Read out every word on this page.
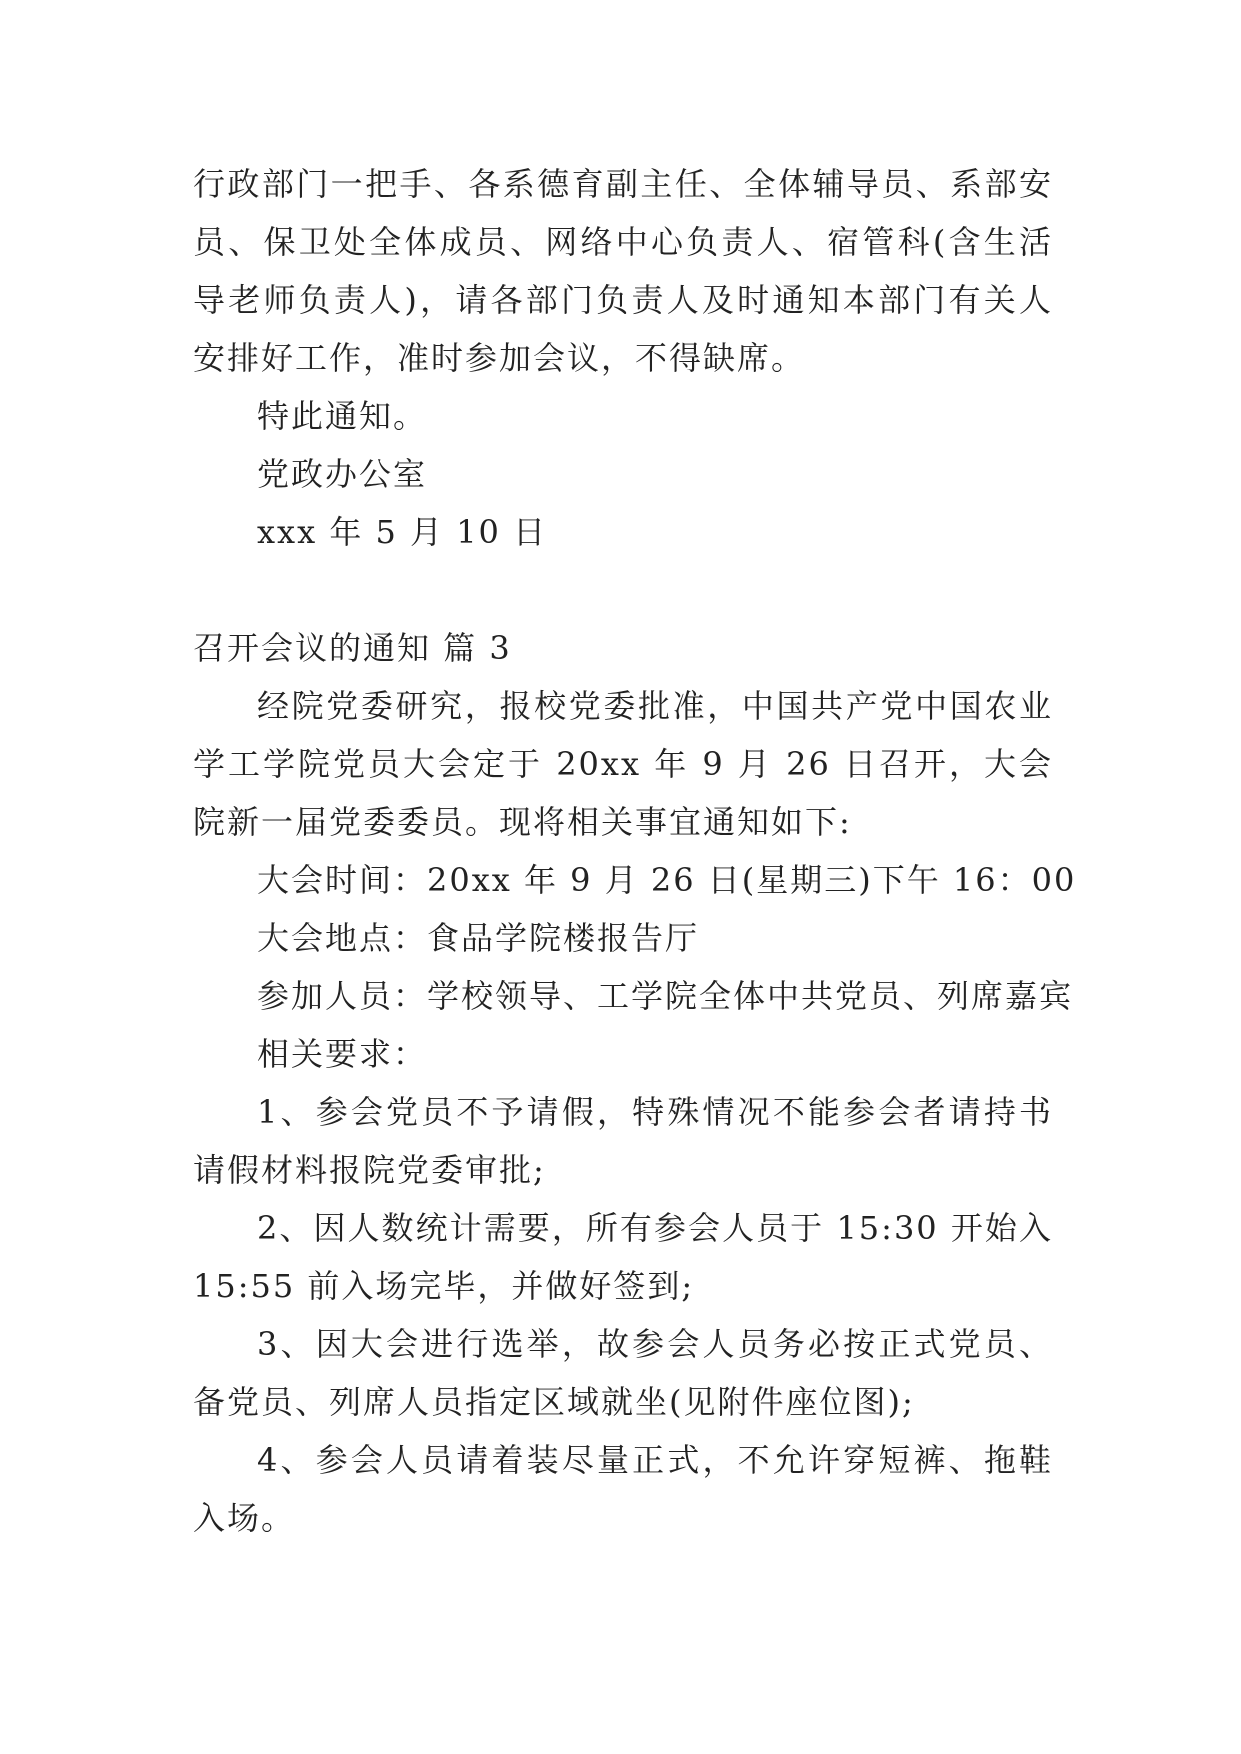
行政部门一把手、各系德育副主任、全体辅导员、系部安
员、保卫处全体成员、网络中心负责人、宿管科(含生活
导老师负责人)，请各部门负责人及时通知本部门有关人
安排好工作，准时参加会议，不得缺席。
特此通知。
党政办公室
xxx 年 5 月 10 日
召开会议的通知 篇 3
经院党委研究，报校党委批准，中国共产党中国农业
学工学院党员大会定于 20xx 年 9 月 26 日召开，大会
院新一届党委委员。现将相关事宜通知如下:
大会时间：20xx 年 9 月 26 日(星期三)下午 16：00
大会地点：食品学院楼报告厅
参加人员：学校领导、工学院全体中共党员、列席嘉宾
相关要求：
1、参会党员不予请假，特殊情况不能参会者请持书
请假材料报院党委审批;
2、因人数统计需要，所有参会人员于 15:30 开始入
15:55 前入场完毕，并做好签到;
3、因大会进行选举，故参会人员务必按正式党员、
备党员、列席人员指定区域就坐(见附件座位图);
4、参会人员请着装尽量正式，不允许穿短裤、拖鞋
入场。
